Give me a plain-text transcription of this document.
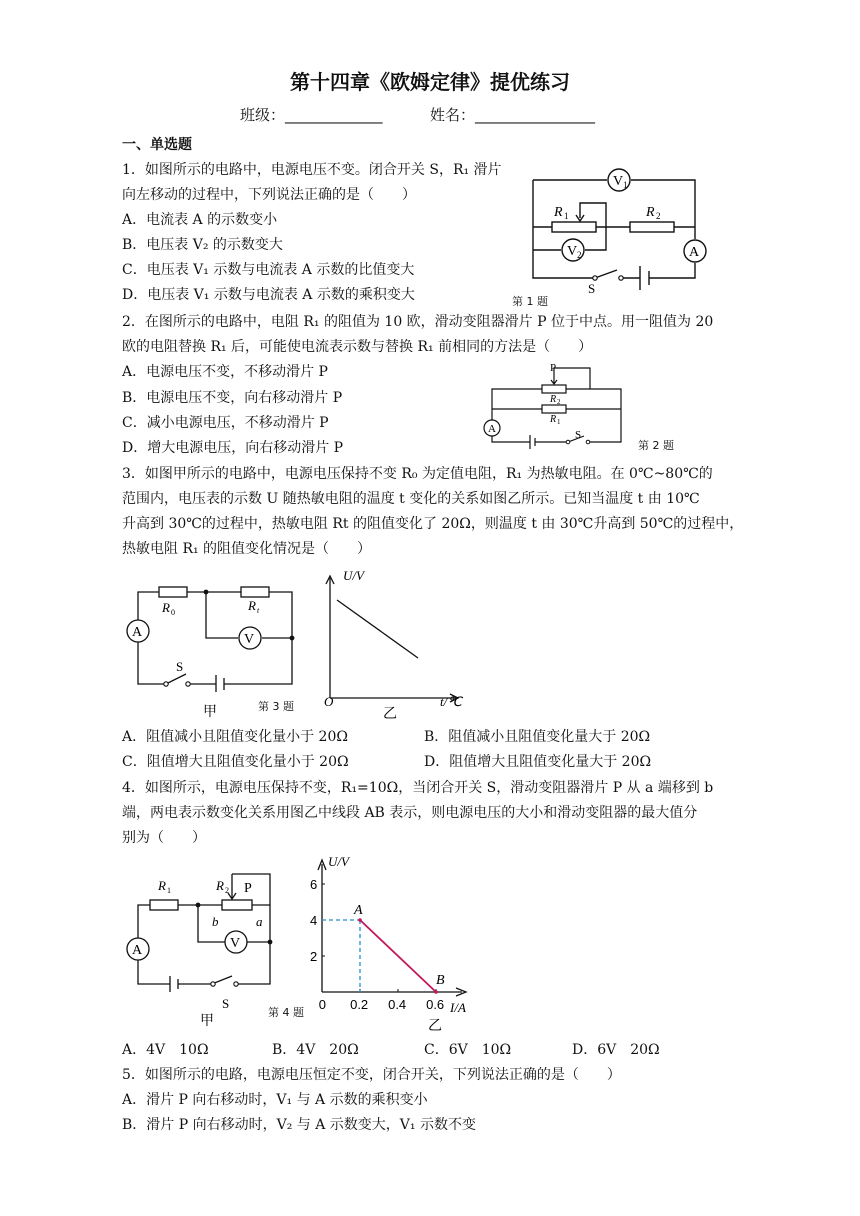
第十四章《欧姆定律》提优练习
班级：_____________	姓名：________________
一、单选题
1．如图所示的电路中，电源电压不变。闭合开关 S，R₁ 滑片
向左移动的过程中，下列说法正确的是（　　）
A．电流表 A 的示数变小
B．电压表 V₂ 的示数变大
C．电压表 V₁ 示数与电流表 A 示数的比值变大
D．电压表 V₁ 示数与电流表 A 示数的乘积变大	第 1 题
V 1
V 2	A
R 1	R 2
S
2．在图所示的电路中，电阻 R₁ 的阻值为 10 欧，滑动变阻器滑片 P 位于中点。用一阻值为 20
欧的电阻替换 R₁ 后，可能使电流表示数与替换 R₁ 前相同的方法是（　　）
A．电源电压不变，不移动滑片 P
B．电源电压不变，向右移动滑片 P
C．减小电源电压，不移动滑片 P
D．增大电源电压，向右移动滑片 P	第 2 题
P
R 2
R 1
A	S
3．如图甲所示的电路中，电源电压保持不变 R₀ 为定值电阻，R₁ 为热敏电阻。在 0℃~80℃的
范围内，电压表的示数 U 随热敏电阻的温度 t 变化的关系如图乙所示。已知当温度 t 由 10℃
升高到 30℃的过程中，热敏电阻 Rt 的阻值变化了 20Ω，则温度 t 由 30℃升高到 50℃的过程中，
热敏电阻 R₁ 的阻值变化情况是（　　）
R 0	R t
A	V
S
甲
U/V
t/℃
O
乙
第 3 题
A．阻值减小且阻值变化量小于 20Ω	B．阻值减小且阻值变化量大于 20Ω
C．阻值增大且阻值变化量小于 20Ω	D．阻值增大且阻值变化量大于 20Ω
4．如图所示，电源电压保持不变，R₁=10Ω，当闭合开关 S，滑动变阻器滑片 P 从 a 端移到 b
端，两电表示数变化关系用图乙中线段 AB 表示，则电源电压的大小和滑动变阻器的最大值分
别为（　　）
R 1	R 2 P
b	a
A	V
S
甲	第 4 题
U/V
I/A
乙
0 0.2 0.4 0.6
2
4
6
A
B
A．4V　10Ω	B．4V　20Ω	C．6V　10Ω	D．6V　20Ω
5．如图所示的电路，电源电压恒定不变，闭合开关，下列说法正确的是（　　）
A．滑片 P 向右移动时，V₁ 与 A 示数的乘积变小
B．滑片 P 向右移动时，V₂ 与 A 示数变大，V₁ 示数不变
